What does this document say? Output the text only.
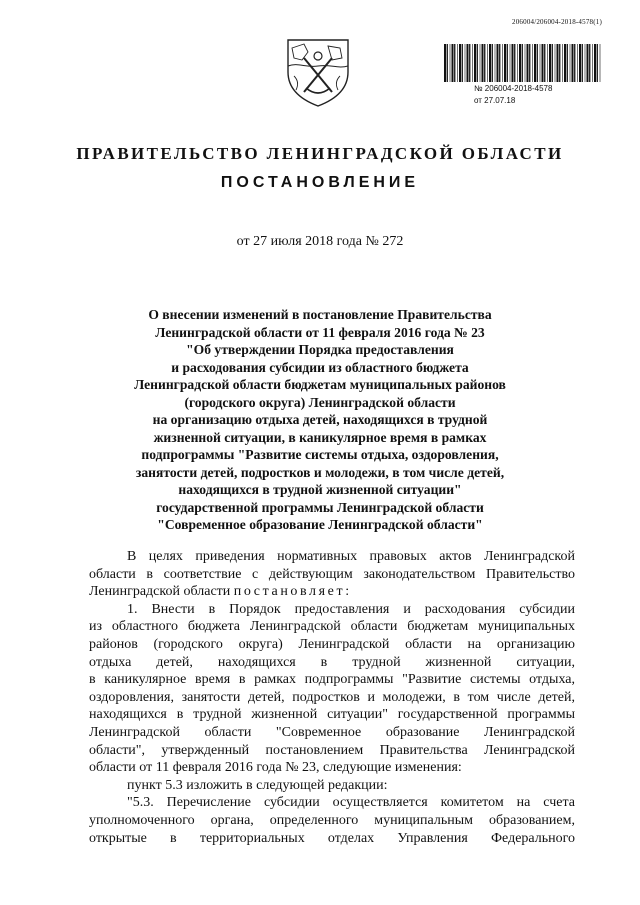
206004/206004-2018-4578(1)
№ 206004-2018-4578
от 27.07.18
ПРАВИТЕЛЬСТВО ЛЕНИНГРАДСКОЙ ОБЛАСТИ
ПОСТАНОВЛЕНИЕ
от 27 июля 2018 года № 272
О внесении изменений в постановление Правительства
Ленинградской области от 11 февраля 2016 года № 23
"Об утверждении Порядка предоставления
и расходования субсидии из областного бюджета
Ленинградской области бюджетам муниципальных районов
(городского округа) Ленинградской области
на организацию отдыха детей, находящихся в трудной
жизненной ситуации, в каникулярное время в рамках
подпрограммы "Развитие системы отдыха, оздоровления,
занятости детей, подростков и молодежи, в том числе детей,
находящихся в трудной жизненной ситуации"
государственной программы Ленинградской области
"Современное образование Ленинградской области"
В целях приведения нормативных правовых актов Ленинградской
области в соответствие с действующим законодательством Правительство
Ленинградской области постановляет:
1. Внести в Порядок предоставления и расходования субсидии
из областного бюджета Ленинградской области бюджетам муниципальных
районов (городского округа) Ленинградской области на организацию
отдыха детей, находящихся в трудной жизненной ситуации,
в каникулярное время в рамках подпрограммы "Развитие системы отдыха,
оздоровления, занятости детей, подростков и молодежи, в том числе детей,
находящихся в трудной жизненной ситуации" государственной программы
Ленинградской области "Современное образование Ленинградской
области", утвержденный постановлением Правительства Ленинградской
области от 11 февраля 2016 года № 23, следующие изменения:
пункт 5.3 изложить в следующей редакции:
"5.3. Перечисление субсидии осуществляется комитетом на счета
уполномоченного органа, определенного муниципальным образованием,
открытые в территориальных отделах Управления Федерального
